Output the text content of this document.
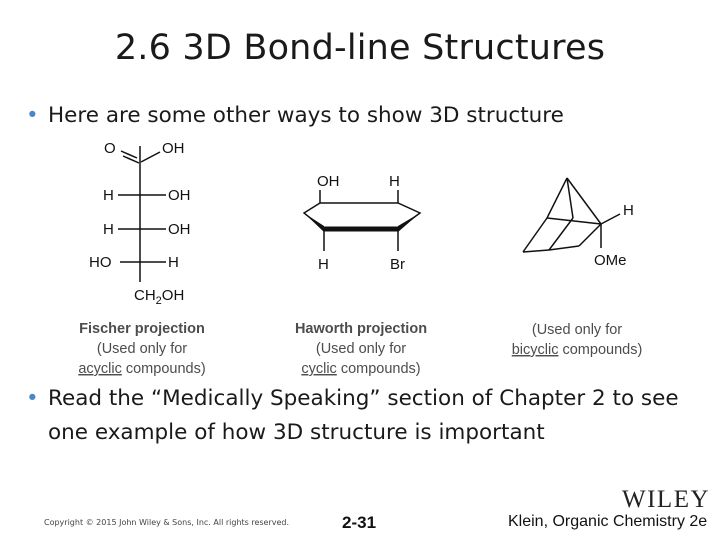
2.6 3D Bond-line Structures
• Here are some other ways to show 3D structure
O	OH
H	OH
H	OH
HO	H
$CH_2OH$
Fischer projection
(Used only for
acyclic compounds)
OH	H
H	Br
Haworth projection
(Used only for
cyclic compounds)
H
OMe
(Used only for
bicyclic compounds)
• Read the “Medically Speaking” section of Chapter 2 to see one example of how 3D structure is important
Copyright © 2015 John Wiley & Sons, Inc. All rights reserved.	2-31
WILEY
Klein, Organic Chemistry 2e
